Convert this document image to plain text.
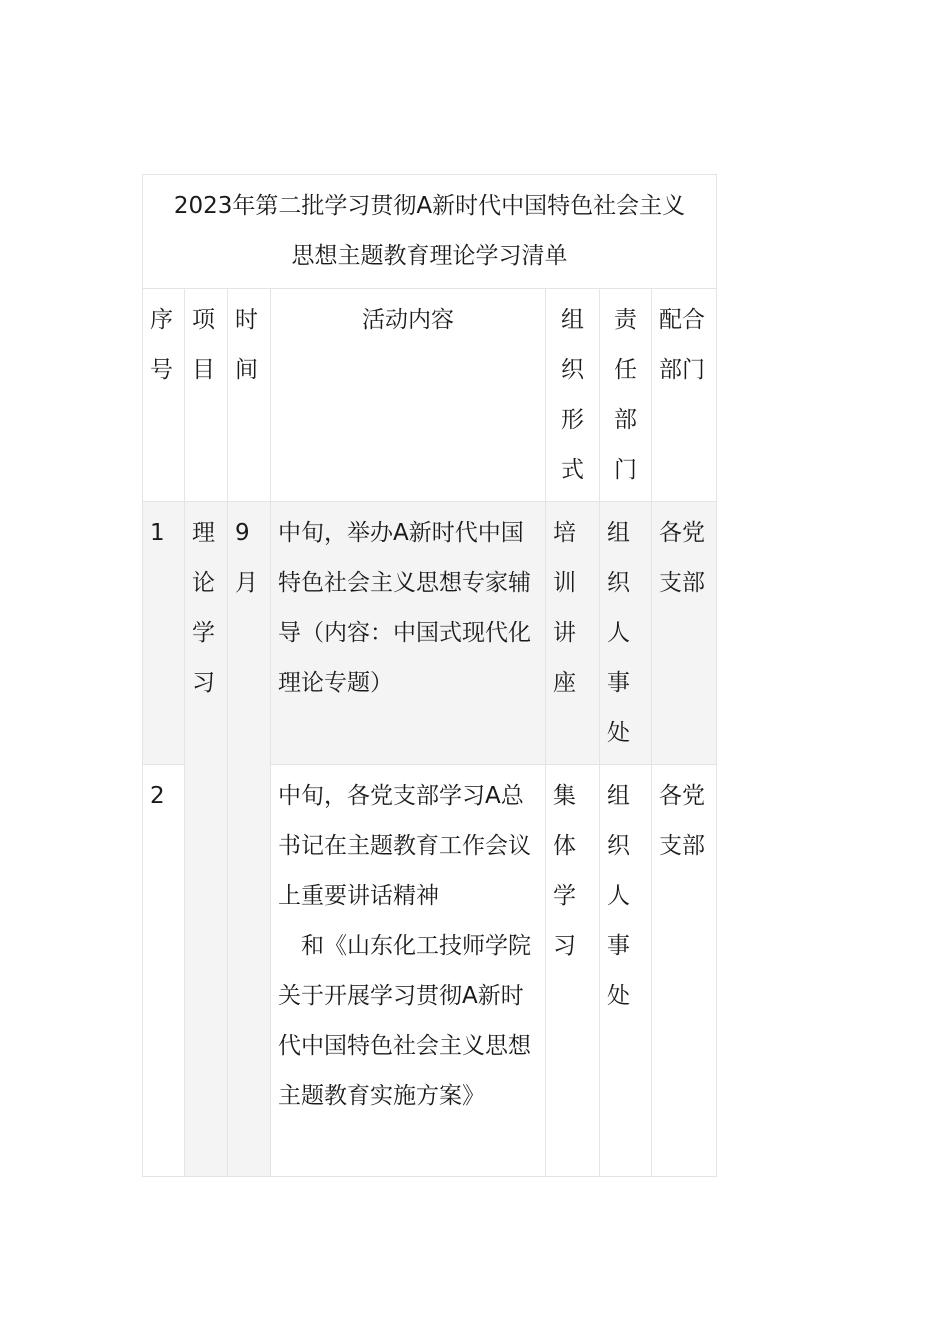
2023年第二批学习贯彻A新时代中国特色社会主义
思想主题教育理论学习清单						

序号	项目	时间	活动内容	组织形式	责任部门	配合部门
1	理论学习	9月	中旬，举办A新时代中国特色社会主义思想专家辅导（内容：中国式现代化理论专题）	培训讲座	组织人事处	各党支部
2			中旬，各党支部学习A总书记在主题教育工作会议上重要讲话精神
和《山东化工技师学院关于开展学习贯彻A新时代中国特色社会主义思想主题教育实施方案》	集体学习	组织人事处	各党支部
